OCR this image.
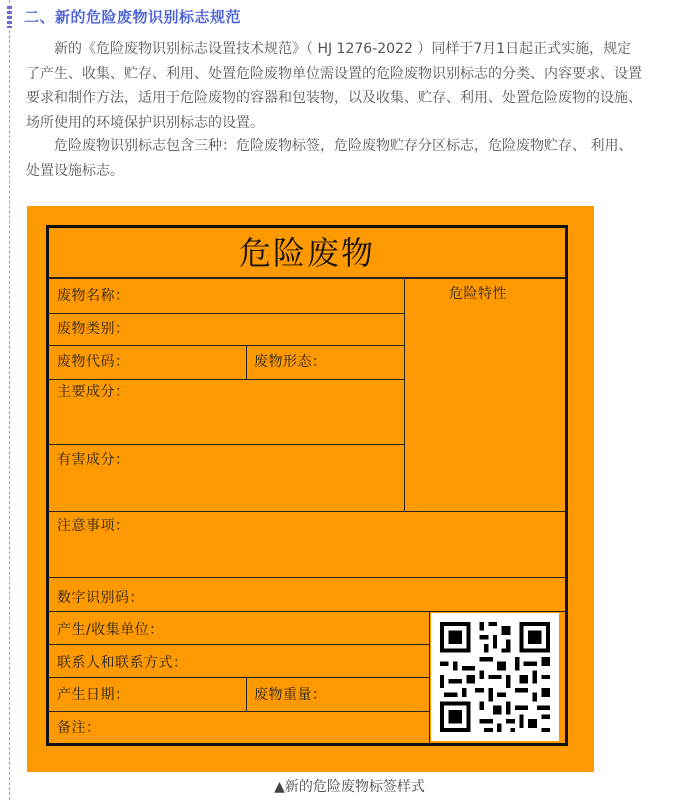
二、新的危险废物识别标志规范

新的《危险废物识别标志设置技术规范》（ HJ 1276-2022 ）同样于7月1日起正式实施，规定了产生、收集、贮存、利用、处置危险废物单位需设置的危险废物识别标志的分类、内容要求、设置要求和制作方法，适用于危险废物的容器和包装物，以及收集、贮存、利用、处置危险废物的设施、场所使用的环境保护识别标志的设置。

危险废物识别标志包含三种：危险废物标签，危险废物贮存分区标志，危险废物贮存、 利用、处置设施标志。

危险废物
危险特性
废物名称：
废物类别：
废物代码：	废物形态：
主要成分：
有害成分：
注意事项：
数字识别码：
产生/收集单位：
联系人和联系方式：
产生日期：	废物重量：
备注：
▲新的危险废物标签样式
